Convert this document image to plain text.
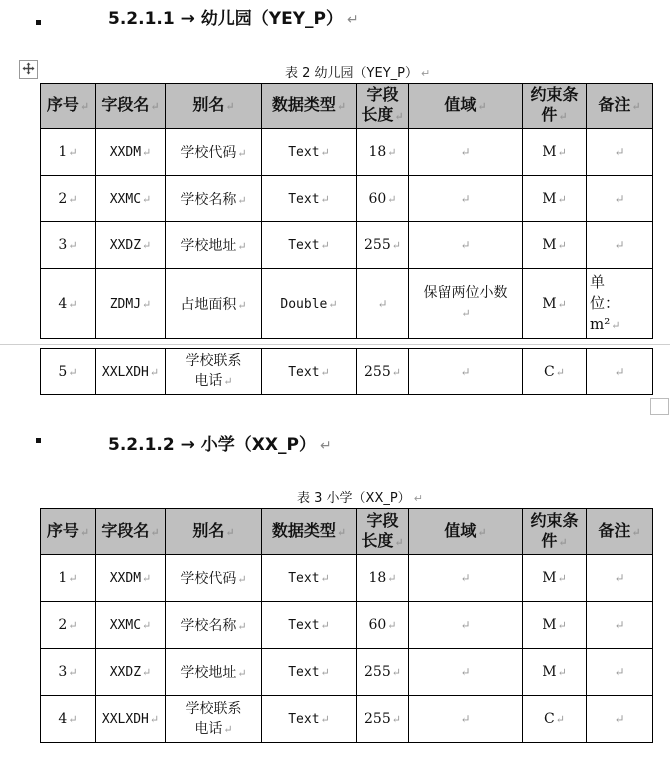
5.2.1.1 → 幼儿园（YEY_P） ↵
表 2 幼儿园（YEY_P） ↵
序号↵	字段名↵	别名↵	数据类型↵	字段长度↵	值域↵	约束条件↵	备注↵
1↵	XXDM↵	学校代码↵	Text↵	18↵	↵	M↵	↵
2↵	XXMC↵	学校名称↵	Text↵	60↵	↵	M↵	↵
3↵	XXDZ↵	学校地址↵	Text↵	255↵	↵	M↵	↵
4↵	ZDMJ↵	占地面积↵	Double↵	↵	保留两位小数↵	M↵	单位：m²↵

5↵	XXLXDH↵	学校联系电话↵	Text↵	255↵	↵	C↵	↵
5.2.1.2 → 小学（XX_P） ↵
表 3 小学（XX_P） ↵
序号↵	字段名↵	别名↵	数据类型↵	字段长度↵	值域↵	约束条件↵	备注↵
1↵	XXDM↵	学校代码↵	Text↵	18↵	↵	M↵	↵
2↵	XXMC↵	学校名称↵	Text↵	60↵	↵	M↵	↵
3↵	XXDZ↵	学校地址↵	Text↵	255↵	↵	M↵	↵
4↵	XXLXDH↵	学校联系电话↵	Text↵	255↵	↵	C↵	↵
